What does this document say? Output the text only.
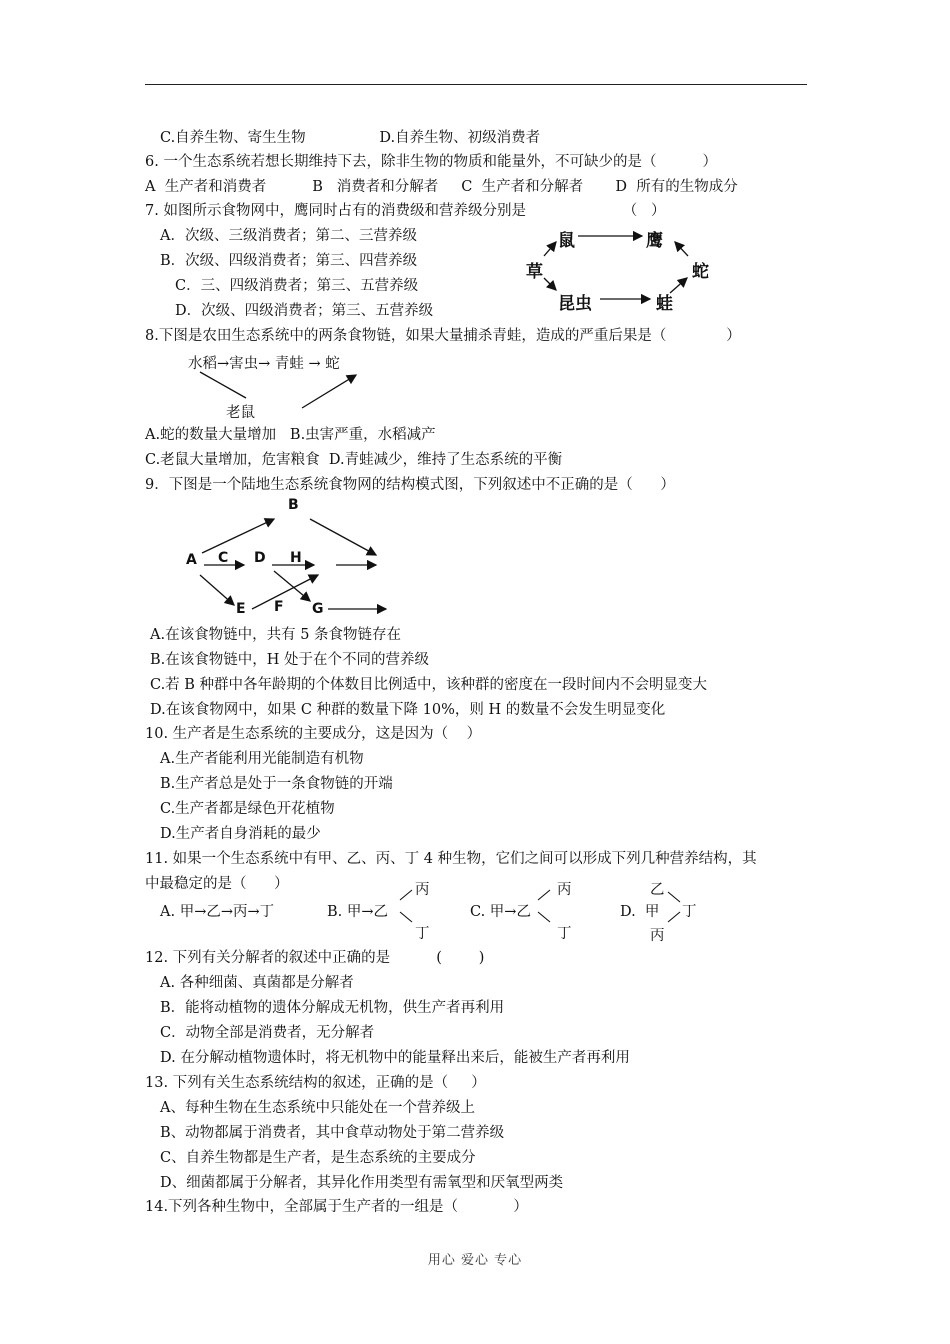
C.自养生物、寄生生物                D.自养生物、初级消费者
6. 一个生态系统若想长期维持下去，除非生物的物质和能量外，不可缺少的是（          ）
A  生产者和消费者          B   消费者和分解者     C  生产者和分解者       D  所有的生物成分
7. 如图所示食物网中，鹰同时占有的消费级和营养级分别是                     （   ）
A．次级、三级消费者；第二、三营养级
B．次级、四级消费者；第三、四营养级
C．三、四级消费者；第三、五营养级
D．次级、四级消费者；第三、五营养级
8.下图是农田生态系统中的两条食物链，如果大量捕杀青蛙，造成的严重后果是（             ）
A.蛇的数量大量增加   B.虫害严重，水稻减产
C.老鼠大量增加，危害粮食  D.青蛙减少，维持了生态系统的平衡
9．下图是一个陆地生态系统食物网的结构模式图，下列叙述中不正确的是（      ）
A.在该食物链中，共有 5 条食物链存在
B.在该食物链中，H 处于在个不同的营养级
C.若 B 种群中各年龄期的个体数目比例适中，该种群的密度在一段时间内不会明显变大
D.在该食物网中，如果 C 种群的数量下降 10%，则 H 的数量不会发生明显变化
10. 生产者是生态系统的主要成分，这是因为（    ）
A.生产者能利用光能制造有机物
B.生产者总是处于一条食物链的开端
C.生产者都是绿色开花植物
D.生产者自身消耗的最少
11. 如果一个生态系统中有甲、乙、丙、丁 4 种生物，它们之间可以形成下列几种营养结构，其
中最稳定的是（      ）
12. 下列有关分解者的叙述中正确的是          (        )
A. 各种细菌、真菌都是分解者
B．能将动植物的遗体分解成无机物，供生产者再利用
C．动物全部是消费者，无分解者
D. 在分解动植物遗体时，将无机物中的能量释出来后，能被生产者再利用
13. 下列有关生态系统结构的叙述，正确的是（     ）
A、每种生物在生态系统中只能处在一个营养级上
B、动物都属于消费者，其中食草动物处于第二营养级
C、自养生物都是生产者，是生态系统的主要成分
D、细菌都属于分解者，其异化作用类型有需氧型和厌氧型两类
14.下列各种生物中，全部属于生产者的一组是（            ）
鼠	鹰
草	蛇
昆虫	蛙
水稻→害虫→ 青蛙 → 蛇
老鼠
B
A C D H
E F G
A. 甲→乙→丙→丁	B. 甲→乙
丙
丁
C. 甲→乙
丙
丁
D.  甲
乙
丁
丙
用心 爱心 专心
